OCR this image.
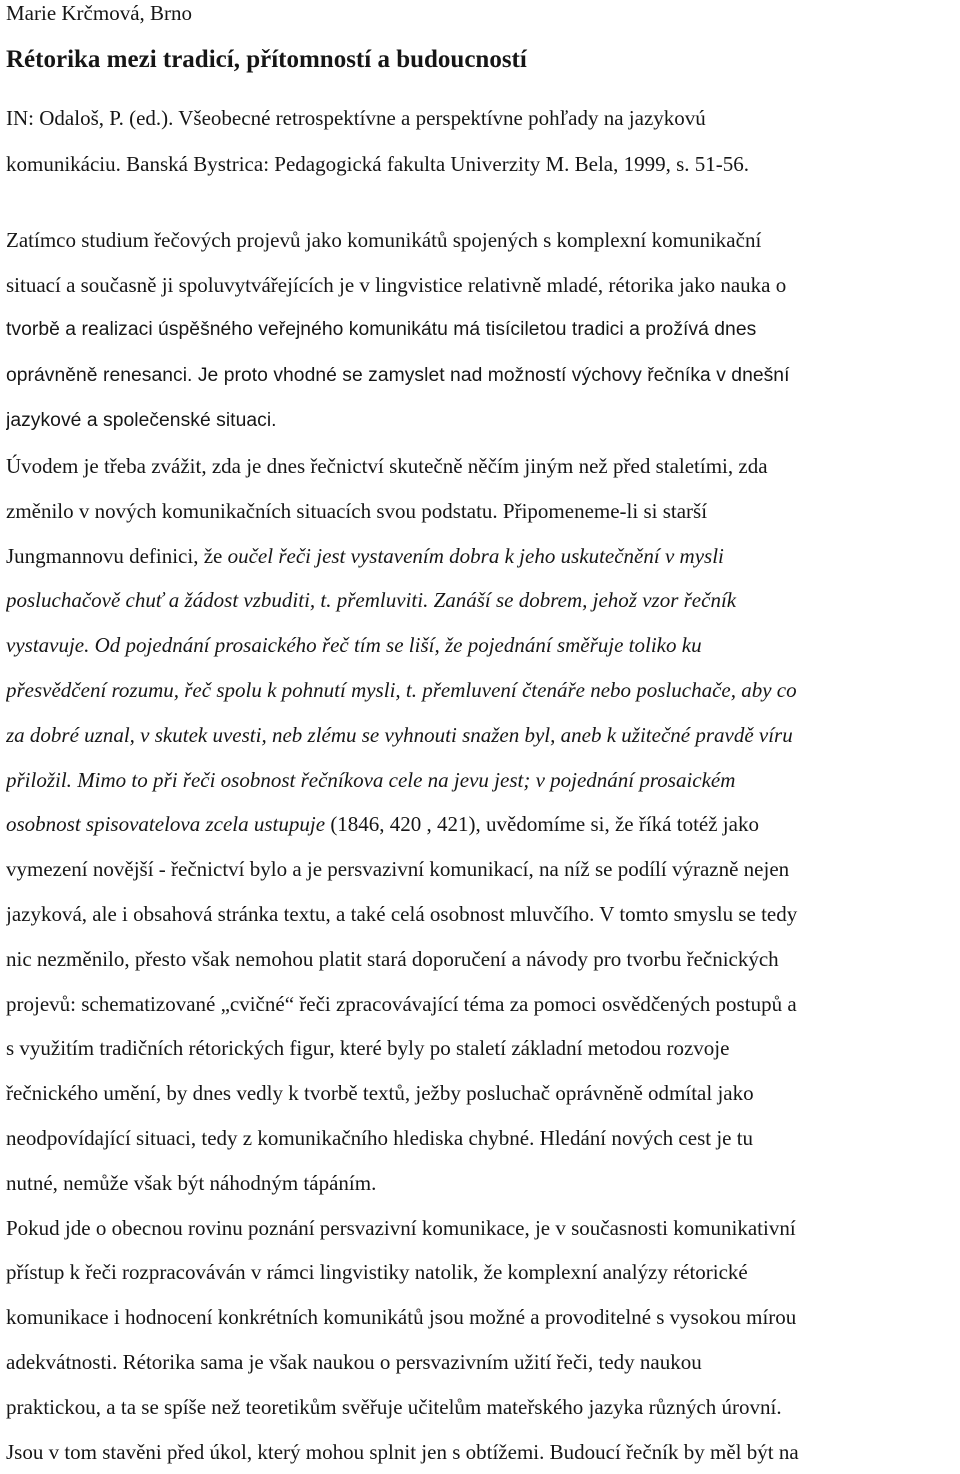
Marie Krčmová, Brno
Rétorika mezi tradicí, přítomností a budoucností
IN: Odaloš, P. (ed.). Všeobecné retrospektívne a perspektívne pohľady na jazykovú
komunikáciu. Banská Bystrica: Pedagogická fakulta Univerzity M. Bela, 1999, s. 51-56.
Zatímco studium řečových projevů jako komunikátů spojených s komplexní komunikační
situací a současně ji spoluvytvářejících je v lingvistice relativně mladé, rétorika jako nauka o
tvorbě a realizaci úspěšného veřejného komunikátu má tisíciletou tradici a prožívá dnes
oprávněně renesanci. Je proto vhodné se zamyslet nad možností výchovy řečníka v dnešní
jazykové a společenské situaci.
Úvodem je třeba zvážit, zda je dnes řečnictví skutečně něčím jiným než před staletími, zda
změnilo v nových komunikačních situacích svou podstatu. Připomeneme-li si starší
Jungmannovu definici, že oučel řeči jest vystavením dobra k jeho uskutečnění v mysli
posluchačově chuť a žádost vzbuditi, t. přemluviti. Zanáší se dobrem, jehož vzor řečník
vystavuje. Od pojednání prosaického řeč tím se liší, že pojednání směřuje toliko ku
přesvědčení rozumu, řeč spolu k pohnutí mysli, t. přemluvení čtenáře nebo posluchače, aby co
za dobré uznal, v skutek uvesti, neb zlému se vyhnouti snažen byl, aneb k užitečné pravdě víru
přiložil. Mimo to při řeči osobnost řečníkova cele na jevu jest; v pojednání prosaickém
osobnost spisovatelova zcela ustupuje (1846, 420 , 421), uvědomíme si, že říká totéž jako
vymezení novější - řečnictví bylo a je persvazivní komunikací, na níž se podílí výrazně nejen
jazyková, ale i obsahová stránka textu, a také celá osobnost mluvčího. V tomto smyslu se tedy
nic nezměnilo, přesto však nemohou platit stará doporučení a návody pro tvorbu řečnických
projevů: schematizované „cvičné“ řeči zpracovávající téma za pomoci osvědčených postupů a
s využitím tradičních rétorických figur, které byly po staletí základní metodou rozvoje
řečnického umění, by dnes vedly k tvorbě textů, ježby posluchač oprávněně odmítal jako
neodpovídající situaci, tedy z komunikačního hlediska chybné. Hledání nových cest je tu
nutné, nemůže však být náhodným tápáním.
Pokud jde o obecnou rovinu poznání persvazivní komunikace, je v současnosti komunikativní
přístup k řeči rozpracováván v rámci lingvistiky natolik, že komplexní analýzy rétorické
komunikace i hodnocení konkrétních komunikátů jsou možné a provoditelné s vysokou mírou
adekvátnosti. Rétorika sama je však naukou o persvazivním užití řeči, tedy naukou
praktickou, a ta se spíše než teoretikům svěřuje učitelům mateřského jazyka různých úrovní.
Jsou v tom stavěni před úkol, který mohou splnit jen s obtížemi. Budoucí řečník by měl být na
